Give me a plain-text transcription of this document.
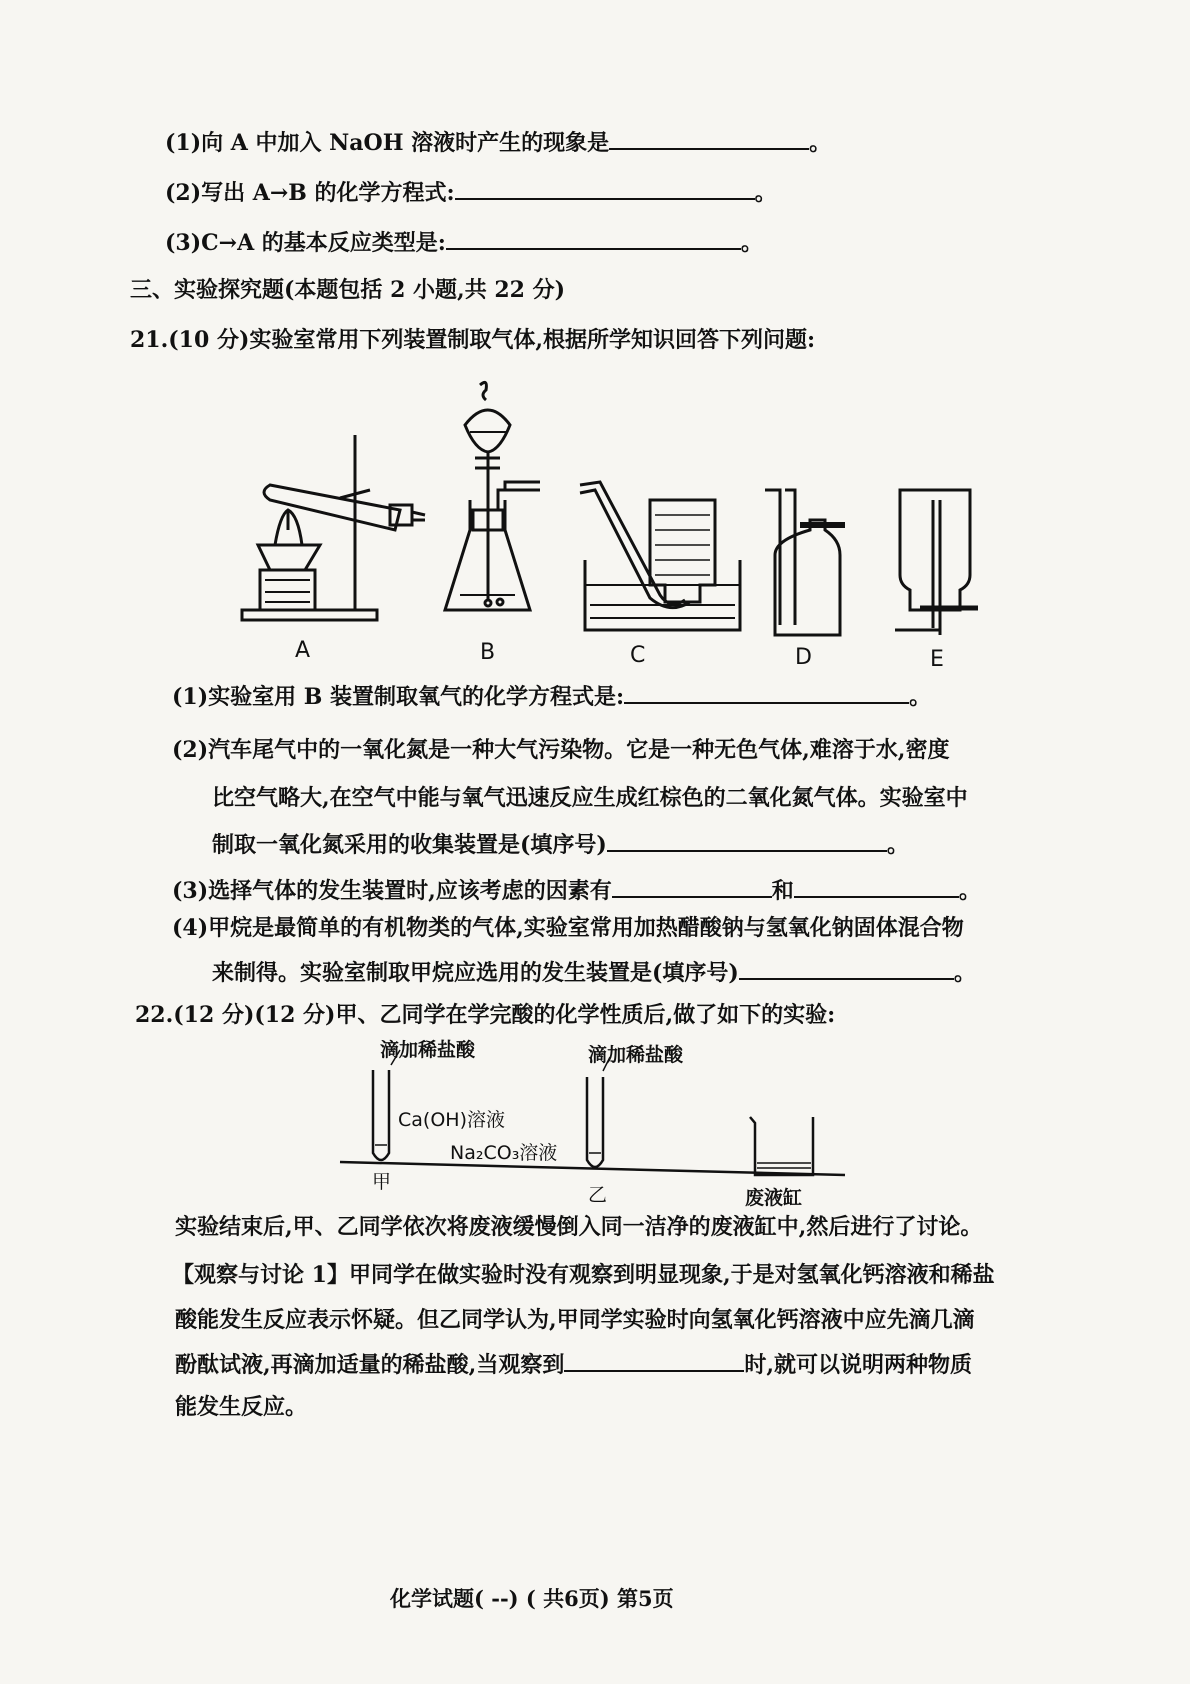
(1)向 A 中加入 NaOH 溶液时产生的现象是	。
(2)写出 A→B 的化学方程式:	。
(3)C→A 的基本反应类型是:	。
三、实验探究题(本题包括 2 小题,共 22 分)
21.(10 分)实验室常用下列装置制取气体,根据所学知识回答下列问题:
A	B	C	D	E
(1)实验室用 B 装置制取氧气的化学方程式是:	。
(2)汽车尾气中的一氧化氮是一种大气污染物。它是一种无色气体,难溶于水,密度
比空气略大,在空气中能与氧气迅速反应生成红棕色的二氧化氮气体。实验室中
制取一氧化氮采用的收集装置是(填序号)	。
(3)选择气体的发生装置时,应该考虑的因素有	和	。
(4)甲烷是最简单的有机物类的气体,实验室常用加热醋酸钠与氢氧化钠固体混合物
来制得。实验室制取甲烷应选用的发生装置是(填序号)	。
22.(12 分)(12 分)甲、乙同学在学完酸的化学性质后,做了如下的实验:
滴加稀盐酸	滴加稀盐酸
Ca(OH)溶液
Na₂CO₃溶液
甲
乙	废液缸
实验结束后,甲、乙同学依次将废液缓慢倒入同一洁净的废液缸中,然后进行了讨论。
【观察与讨论 1】甲同学在做实验时没有观察到明显现象,于是对氢氧化钙溶液和稀盐
酸能发生反应表示怀疑。但乙同学认为,甲同学实验时向氢氧化钙溶液中应先滴几滴
酚酞试液,再滴加适量的稀盐酸,当观察到	时,就可以说明两种物质
能发生反应。
化学试题( --) ( 共6页) 第5页
